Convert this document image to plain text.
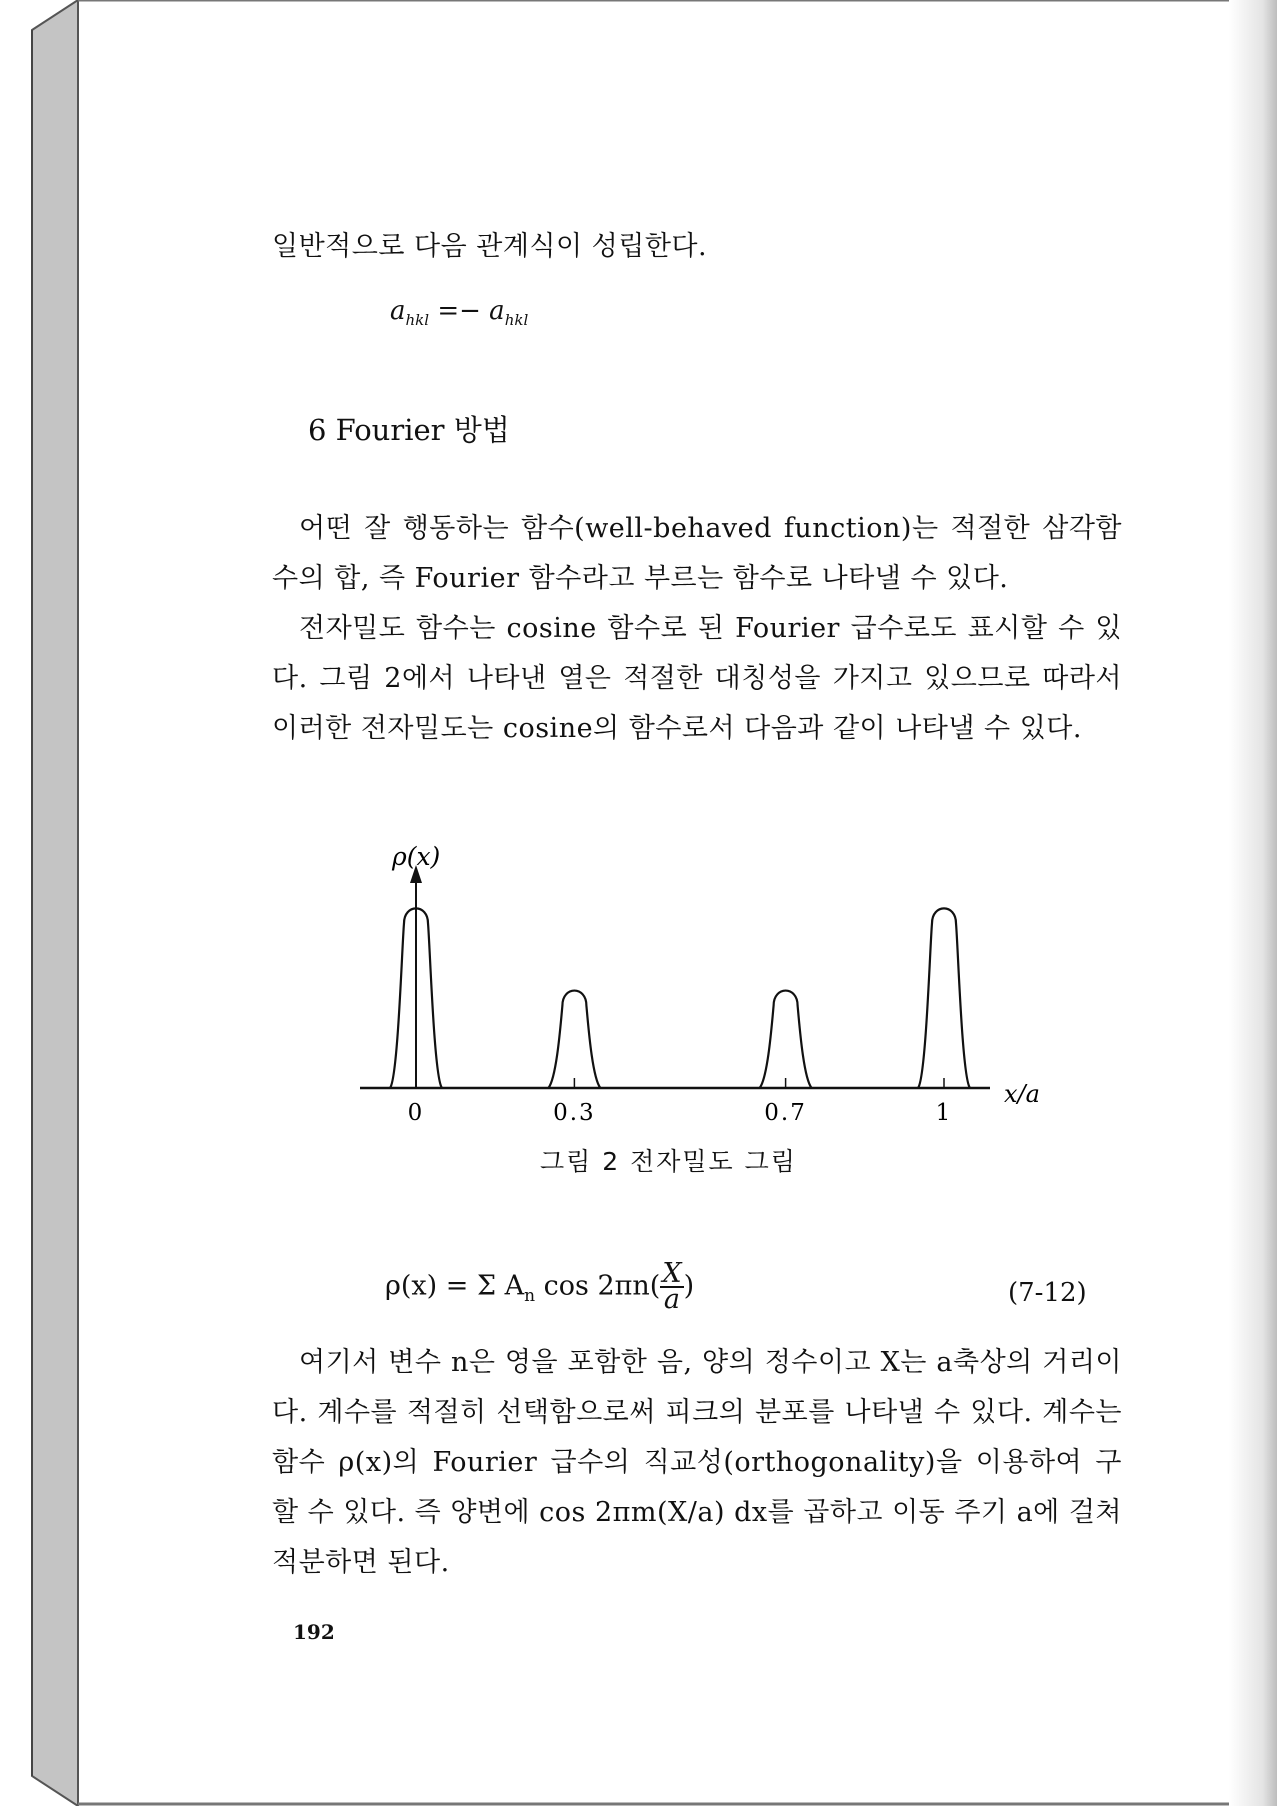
일반적으로 다음 관계식이 성립한다.

$a_{hkl} =- a_{hkl}$
6 Fourier 방법

어떤 잘 행동하는 함수(well-behaved function)는 적절한 삼각함수의 합, 즉 Fourier 함수라고 부르는 함수로 나타낼 수 있다.

전자밀도 함수는 cosine 함수로 된 Fourier 급수로도 표시할 수 있다. 그림 2에서 나타낸 열은 적절한 대칭성을 가지고 있으므로 따라서 이러한 전자밀도는 cosine의 함수로서 다음과 같이 나타낼 수 있다.

ρ(x)
x/a
0	0.3	0.7	1
그림 2 전자밀도 그림
ρ(x) = Σ $A_n$ $\cos 2\pi n( \frac{X}{a}$ )	(7-12)

여기서 변수 n은 영을 포함한 음, 양의 정수이고 X는 a축상의 거리이다. 계수를 적절히 선택함으로써 피크의 분포를 나타낼 수 있다. 계수는 함수 ρ(x)의 Fourier 급수의 직교성(orthogonality)을 이용하여 구할 수 있다. 즉 양변에 cos 2πm(X/a) dx를 곱하고 이동 주기 a에 걸쳐 적분하면 된다.

192
